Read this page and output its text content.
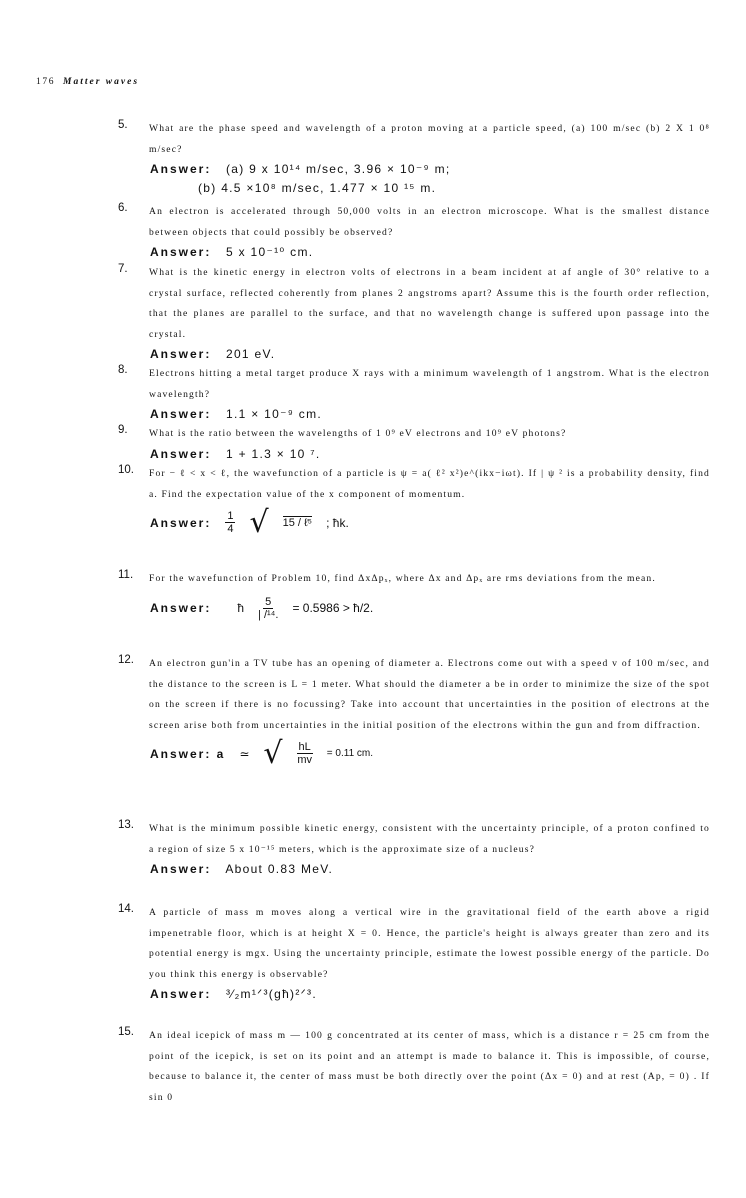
176 Matter waves
5. What are the phase speed and wavelength of a proton moving at a particle speed, (a) 100 m/sec (b) 2 X 1 0⁸ m/sec?
Answer: (a) 9 x 10¹⁴ m/sec, 3.96 × 10⁻⁹ m;
(b) 4.5 ×10⁸ m/sec, 1.477 × 10 ¹⁵ m.
6. An electron is accelerated through 50,000 volts in an electron microscope. What is the smallest distance between objects that could possibly be observed?
Answer: 5 x 10⁻¹⁰ cm.
7. What is the kinetic energy in electron volts of electrons in a beam incident at af angle of 30° relative to a crystal surface, reflected coherently from planes 2 angstroms apart? Assume this is the fourth order reflection, that the planes are parallel to the surface, and that no wavelength change is suffered upon passage into the crystal.
Answer: 201 eV.
8. Electrons hitting a metal target produce X rays with a minimum wavelength of 1 angstrom. What is the electron wavelength?
Answer: 1.1 × 10⁻⁹ cm.
9. What is the ratio between the wavelengths of 1 0⁹ eV electrons and 10⁹ eV photons?
Answer: 1 + 1.3 × 10 ⁷.
10. For − ℓ < x < ℓ, the wavefunction of a particle is ψ = a( ℓ² x²)e^(ikx−iωt). If | ψ ² is a probability density, find a. Find the expectation value of the x component of momentum.
Answer: $\frac{1}{4}$ √ 15 / ℓ⁵ ; ħk.
11. For the wavefunction of Problem 10, find ΔxΔpₓ, where Δx and Δpₓ are rms deviations from the mean.
Answer: ħ $\frac{5}{\text{| /¹⁴.}} = 0.5986$ > ħ/2.
12. An electron gun'in a TV tube has an opening of diameter a. Electrons come out with a speed v of 100 m/sec, and the distance to the screen is L = 1 meter. What should the diameter a be in order to minimize the size of the spot on the screen if there is no focussing? Take into account that uncertainties in the position of electrons at the screen arise both from uncertainties in the initial position of the electrons within the gun and from diffraction.
Answer: a ≃ √ $\frac{hL}{mv} = 0.11$ cm.
13. What is the minimum possible kinetic energy, consistent with the uncertainty principle, of a proton confined to a region of size 5 x 10⁻¹⁵ meters, which is the approximate size of a nucleus?
Answer: About 0.83 MeV.
14. A particle of mass m moves along a vertical wire in the gravitational field of the earth above a rigid impenetrable floor, which is at height X = 0. Hence, the particle's height is always greater than zero and its potential energy is mgx. Using the uncertainty principle, estimate the lowest possible energy of the particle. Do you think this energy is observable?
Answer: ³⁄₂m¹ᐟ³(għ)²ᐟ³.
15. An ideal icepick of mass m — 100 g concentrated at its center of mass, which is a distance r = 25 cm from the point of the icepick, is set on its point and an attempt is made to balance it. This is impossible, of course, because to balance it, the center of mass must be both directly over the point (Δx = 0) and at rest (Ap, = 0) . If sin 0
